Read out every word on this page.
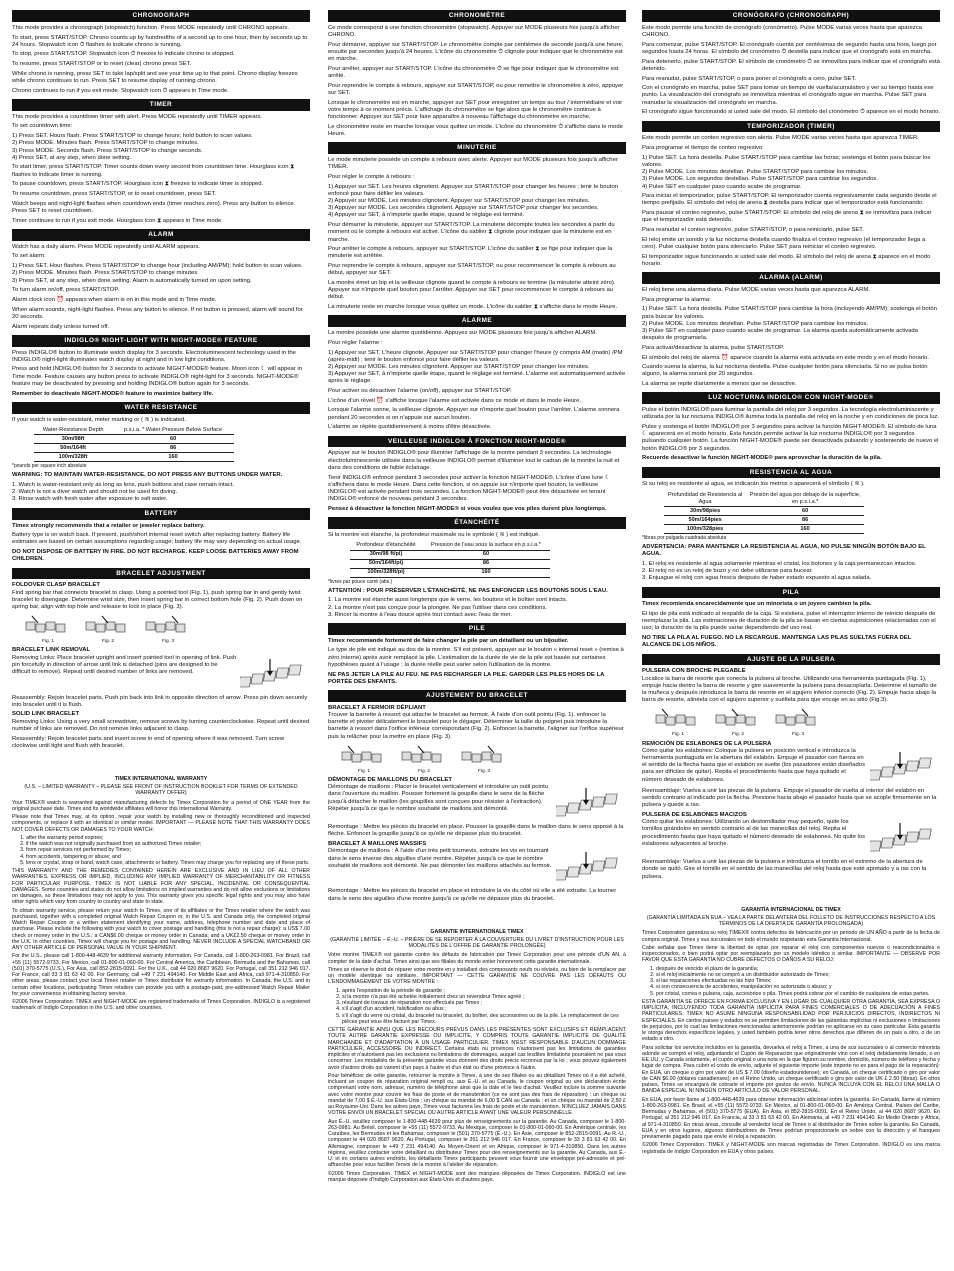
CHRONOGRAPH

This mode provides a chronograph (stopwatch) function. Press MODE repeatedly until CHRONO appears.

To start, press START/STOP. Chrono counts up by hundredths of a second up to one hour, then by seconds up to 24 hours. Stopwatch icon ⏱ flashes to indicate chrono is running.

To stop, press START/STOP. Stopwatch icon ⏱ freezes to indicate chrono is stopped.

To resume, press START/STOP or to reset (clear) chrono press SET.

While chrono is running, press SET to take lap/split and see your time up to that point. Chrono display freezes while chrono continues to run. Press SET to resume display of running chrono.

Chrono continues to run if you exit mode. Stopwatch icon ⏱ appears in Time mode.

TIMER

This mode provides a countdown timer with alert. Press MODE repeatedly until TIMER appears.

To set countdown time:

1) Press SET. Hours flash. Press START/STOP to change hours; hold button to scan values.
2) Press MODE. Minutes flash. Press START/STOP to change minutes.
3) Press MODE. Seconds flash. Press START/STOP to change seconds.
4) Press SET, at any step, when done setting.

To start timer, press START/STOP. Timer counts down every second from countdown time. Hourglass icon ⧗ flashes to indicate timer is running.

To pause countdown, press START/STOP. Hourglass icon ⧗ freezes to indicate timer is stopped.

To resume countdown, press START/STOP, or to reset countdown, press SET.

Watch beeps and night-light flashes when countdown ends (timer reaches zero). Press any button to silence. Press SET to reset countdown.

Timer continues to run if you exit mode. Hourglass icon ⧗ appears in Time mode.

ALARM

Watch has a daily alarm. Press MODE repeatedly until ALARM appears.

To set alarm:

1) Press SET. Hour flashes. Press START/STOP to change hour (including AM/PM); hold button to scan values.
2) Press MODE. Minutes flash. Press START/STOP to change minutes.
3) Press SET, at any step, when done setting. Alarm is automatically turned on upon setting.

To turn alarm on/off, press START/STOP.

Alarm clock icon ⏰ appears when alarm is on in this mode and in Time mode.

When alarm sounds, night-light flashes. Press any button to silence. If no button is pressed, alarm will sound for 20 seconds.

Alarm repeats daily unless turned off.

INDIGLO® NIGHT-LIGHT WITH NIGHT-MODE® FEATURE

Press INDIGLO® button to illuminate watch display for 3 seconds. Electroluminescent technology used in the INDIGLO® night-light illuminates watch display at night and in low light conditions.

Press and hold INDIGLO® button for 3 seconds to activate NIGHT-MODE® feature. Moon icon ☾ will appear in Time mode. Feature causes any button press to activate INDIGLO® night-light for 3 seconds. NIGHT-MODE® feature may be deactivated by pressing and holding INDIGLO® button again for 3 seconds.

Remember to deactivate NIGHT-MODE® feature to maximize battery life.

WATER RESISTANCE

If your watch is water-resistant, meter marking or ( ≋ ) is indicated.

Water-Resistance Depth	p.s.i.a. * Water Pressure Below Surface
30m/98ft	60
50m/164ft	86
100m/328ft	160

*pounds per square inch absolute

WARNING: TO MAINTAIN WATER-RESISTANCE, DO NOT PRESS ANY BUTTONS UNDER WATER.

1. Watch is water-resistant only as long as lens, push buttons and case remain intact.
2. Watch is not a diver watch and should not be used for diving.
3. Rinse watch with fresh water after exposure to salt water.

BATTERY

Timex strongly recommends that a retailer or jeweler replace battery.

Battery type is on watch back. If present, push/short internal reset switch after replacing battery. Battery life estimates are based on certain assumptions regarding usage; battery life may vary depending on actual usage.

DO NOT DISPOSE OF BATTERY IN FIRE. DO NOT RECHARGE. KEEP LOOSE BATTERIES AWAY FROM CHILDREN.

BRACELET ADJUSTMENT

FOLDOVER CLASP BRACELET

Find spring bar that connects bracelet to clasp. Using a pointed tool (Fig. 1), push spring bar in and gently twist bracelet to disengage. Determine wrist size, then insert spring bar in correct bottom hole (Fig. 2). Push down on spring bar, align with top hole and release to lock in place (Fig. 3).

Fig. 1	Fig. 2	Fig. 3

BRACELET LINK REMOVAL

Removing Links: Place bracelet upright and insert pointed tool in opening of link. Push pin forcefully in direction of arrow until link is detached (pins are designed to be difficult to remove). Repeat until desired number of links are removed.

Reassembly: Rejoin bracelet parts. Push pin back into link in opposite direction of arrow. Press pin down securely into bracelet until it is flush.

SOLID LINK BRACELET

Removing Links: Using a very small screwdriver, remove screws by turning counterclockwise. Repeat until desired number of links are removed. Do not remove links adjacent to clasp.

Reassembly: Rejoin bracelet parts and insert screw in end of opening where it was removed. Turn screw clockwise until tight and flush with bracelet.

TIMEX INTERNATIONAL WARRANTY

(U.S. – LIMITED WARRANTY – PLEASE SEE FRONT OF INSTRUCTION BOOKLET FOR TERMS OF EXTENDED WARRANTY OFFER)

Your TIMEX® watch is warranted against manufacturing defects by Timex Corporation for a period of ONE YEAR from the original purchase date. Timex and its worldwide affiliates will honor this International Warranty.

Please note that Timex may, at its option, repair your watch by installing new or thoroughly reconditioned and inspected components, or replace it with an identical or similar model. IMPORTANT — PLEASE NOTE THAT THIS WARRANTY DOES NOT COVER DEFECTS OR DAMAGES TO YOUR WATCH:

1. after the warranty period expires;
2. if the watch was not originally purchased from an authorized Timex retailer;
3. from repair services not performed by Timex;
4. from accidents, tampering or abuse; and
5. lens or crystal, strap or band, watch case, attachments or battery. Timex may charge you for replacing any of these parts.

THIS WARRANTY AND THE REMEDIES CONTAINED HEREIN ARE EXCLUSIVE AND IN LIEU OF ALL OTHER WARRANTIES, EXPRESS OR IMPLIED, INCLUDING ANY IMPLIED WARRANTY OF MERCHANTABILITY OR FITNESS FOR PARTICULAR PURPOSE. TIMEX IS NOT LIABLE FOR ANY SPECIAL, INCIDENTAL OR CONSEQUENTIAL DAMAGES. Some countries and states do not allow limitations on implied warranties and do not allow exclusions or limitations on damages, so these limitations may not apply to you. This warranty gives you specific legal rights and you may also have other rights which vary from country to country and state to state.

To obtain warranty service, please return your watch to Timex, one of its affiliates or the Timex retailer where the watch was purchased, together with a completed original Watch Repair Coupon or, in the U.S. and Canada only, the completed original Watch Repair Coupon or a written statement identifying your name, address, telephone number and date and place of purchase. Please include the following with your watch to cover postage and handling (this is not a repair charge): a US$ 7.00 check or money order in the U.S.; a CAN$6.00 cheque or money order in Canada; and a UK£2.50 cheque or money order in the U.K. In other countries, Timex will charge you for postage and handling. NEVER INCLUDE A SPECIAL WATCHBAND OR ANY OTHER ARTICLE OF PERSONAL VALUE IN YOUR SHIPMENT.

For the U.S., please call 1-800-448-4639 for additional warranty information. For Canada, call 1-800-263-0981. For Brazil, call +55 (11) 5572-9733. For Mexico, call 01-800-01-060-00. For Central America, the Caribbean, Bermuda and the Bahamas, call (501) 370-5775 (U.S.). For Asia, call 852-2815-0091. For the U.K., call 44 020 8687 9620. For Portugal, call 351 212 946 017. For France, call 33 3 81 63 42 00. For Germany, call +49 7 231 494140. For Middle East and Africa, call 971-4-310850. For other areas, please contact your local Timex retailer or Timex distributor for warranty information. In Canada, the U.S. and in certain other locations, participating Timex retailers can provide you with a postage-paid, pre-addressed Watch Repair Mailer for your convenience in obtaining factory service.

©2006 Timex Corporation. TIMEX and NIGHT-MODE are registered trademarks of Timex Corporation. INDIGLO is a registered trademark of Indiglo Corporation in the U.S. and other countries.

CHRONOMÈTRE

Ce mode correspond à une fonction chronomètre (stopwatch). Appuyer sur MODE plusieurs fois jusqu'à afficher CHRONO.

Pour démarrer, appuyer sur START/STOP. Le chronomètre compte par centièmes de seconde jusqu'à une heure, ensuite par secondes jusqu'à 24 heures. L'icône du chronomètre ⏱ clignote pour indiquer que le chronomètre est en marche.

Pour arrêter, appuyer sur START/STOP. L'icône du chronomètre ⏱ se fige pour indiquer que le chronomètre est arrêté.

Pour reprendre le compte à rebours, appuyer sur START/STOP, ou pour remettre le chronomètre à zéro, appuyer sur SET.

Lorsque le chronomètre est en marche, appuyer sur SET pour enregistrer un temps au tour / intermédiaire et voir votre temps à ce moment précis. L'affichage du chronomètre se fige alors que le chronomètre continue à fonctionner. Appuyer sur SET pour faire apparaître à nouveau l'affichage du chronomètre en marche.

Le chronomètre reste en marche lorsque vous quittez un mode. L'icône du chronomètre ⏱ s'affiche dans le mode Heure.

MINUTERIE

Le mode minuterie possède un compte à rebours avec alerte. Appuyer sur MODE plusieurs fois jusqu'à afficher TIMER.

Pour régler le compte à rebours :

1) Appuyer sur SET. Les heures clignotent. Appuyer sur START/STOP pour changer les heures ; tenir le bouton enfoncé pour faire défiler les valeurs.
2) Appuyer sur MODE. Les minutes clignotent. Appuyer sur START/STOP pour changer les minutes.
3) Appuyer sur MODE. Les secondes clignotent. Appuyer sur START/STOP pour changer les secondes.
4) Appuyer sur SET, à n'importe quelle étape, quand le réglage est terminé.

Pour démarrer la minuterie, appuyer sur START/STOP. La minuterie décompte toutes les secondes à partir du moment où le compte à rebours est activé. L'icône du sablier ⧗ clignote pour indiquer que la minuterie est en marche.

Pour arrêter le compte à rebours, appuyer sur START/STOP. L'icône du sablier ⧗ se fige pour indiquer que la minuterie est arrêtée.

Pour reprendre le compte à rebours, appuyer sur START/STOP, ou pour recommencer le compte à rebours au début, appuyer sur SET.

La montre émet un bip et la veilleuse clignote quand le compte à rebours se termine (la minuterie atteint zéro). Appuyer sur n'importe quel bouton pour l'arrêter. Appuyer sur SET pour recommencer le compte à rebours au début.

La minuterie reste en marche lorsque vous quittez un mode. L'icône du sablier ⧗ s'affiche dans le mode Heure.

ALARME

La montre possède une alarme quotidienne. Appuyez sur MODE plusieurs fois jusqu'à afficher ALARM.

Pour régler l'alarme :

1) Appuyer sur SET. L'heure clignote. Appuyer sur START/STOP pour changer l'heure (y compris AM (matin) /PM (après-midi) ; tenir le bouton enfoncé pour faire défiler les valeurs.
2) Appuyer sur MODE. Les minutes clignotent. Appuyer sur START/STOP pour changer les minutes.
3) Appuyer sur SET, à n'importe quelle étape, quand le réglage est terminé. L'alarme est automatiquement activée après le réglage.

Pour activer ou désactiver l'alarme (on/off), appuyer sur START/STOP.

L'icône d'un réveil ⏰ s'affiche lorsque l'alarme est activée dans ce mode et dans le mode Heure.

Lorsque l'alarme sonne, la veilleuse clignote. Appuyer sur n'importe quel bouton pour l'arrêter. L'alarme sonnera pendant 20 secondes si on n'appuie sur aucun bouton.

L'alarme se répète quotidiennement à moins d'être désactivée.

VEILLEUSE INDIGLO® À FONCTION NIGHT-MODE®

Appuyer sur le bouton INDIGLO® pour illuminer l'affichage de la montre pendant 3 secondes. La technologie électroluminescente utilisée dans la veilleuse INDIGLO® permet d'illuminer tout le cadran de la montre la nuit et dans des conditions de faible éclairage.

Tenir INDIGLO® enfoncé pendant 3 secondes pour activer la fonction NIGHT-MODE®. L'icône d'une lune ☾ s'affichera dans le mode Heure. Dans cette fonction, si on appuie sur n'importe quel bouton, la veilleuse INDIGLO® est activée pendant trois secondes. La fonction NIGHT-MODE® peut être désactivée en tenant INDIGLO® enfoncé de nouveau pendant 3 secondes.

Pensez à désactiver la fonction NIGHT-MODE® si vous voulez que vos piles durent plus longtemps.

ÉTANCHÉITÉ

Si la montre est étanche, la profondeur maximale ou le symbole ( ≋ ) est indiqué.

Profondeur d'étanchéité	Pression de l'eau sous la surface en p.s.i.a.*
30m/98 ft/pi)	60
50m/164ft/pi)	86
100m/328ft/pi)	160

*livres par pouce carré (abs.)

ATTENTION : POUR PRÉSERVER L'ÉTANCHÉITÉ, NE PAS ENFONCER LES BOUTONS SOUS L'EAU.

1. La montre est étanche aussi longtemps que le verre, les boutons et le boîtier sont intacts.
2. La montre n'est pas conçue pour la plongée. Ne pas l'utiliser dans ces conditions.
3. Rincer la montre à l'eau douce après tout contact avec l'eau de mer.

PILE

Timex recommande fortement de faire changer la pile par un détaillant ou un bijoutier.

Le type de pile est indiqué au dos de la montre. S'il est présent, appuyer sur le bouton « internal reset » (remise à zéro interne) après avoir remplacé la pile. L'estimation de la durée de vie de la pile est basée sur certaines hypothèses quant à l'usage ; la durée réelle peut varier selon l'utilisation de la montre.

NE PAS JETER LA PILE AU FEU. NE PAS RECHARGER LA PILE. GARDER LES PILES HORS DE LA PORTÉE DES ENFANTS.

AJUSTEMENT DU BRACELET

BRACELET À FERMOIR DÉPLIANT

Trouver la barrette à ressort qui attache le bracelet au fermoir. À l'aide d'un outil pointu (Fig. 1), enfoncer la barrette et pivoter délicatement le bracelet pour le dégager. Déterminer la taille du poignet puis introduire la barrette à ressort dans l'orifice inférieur correspondant (Fig. 2). Enfoncer la barrette, l'aligner sur l'orifice supérieur puis la relâcher pour la mettre en place (Fig. 3).

Fig. 1	Fig. 2	Fig. 3

DÉMONTAGE DE MAILLONS DU BRACELET

Démontage de maillons : Placer le bracelet verticalement et introduire un outil pointu dans l'ouverture du maillon. Pousser fortement la goupille dans le sens de la flèche jusqu'à détacher le maillon (les goupilles sont conçues pour résister à l'extraction). Répéter jusqu'à ce que le nombre souhaité de maillons soit démonté.

Remontage : Mettre les pièces du bracelet en place. Pousser la goupille dans le maillon dans le sens opposé à la flèche. Enfoncer la goupille jusqu'à ce qu'elle ne dépasse plus du bracelet.

BRACELET À MAILLONS MASSIFS

Démontage de maillons : À l'aide d'un très petit tournevis, extraire les vis en tournant dans le sens inverse des aiguilles d'une montre. Répéter jusqu'à ce que le nombre souhaité de maillons soit démonté. Ne pas démonter les maillons attachés au fermoir.

Remontage : Mettre les pièces du bracelet en place et introduire la vis du côté où elle a été extraite. La tourner dans le sens des aiguilles d'une montre jusqu'à ce qu'elle ne dépasse plus du bracelet.

GARANTIE INTERNATIONALE TIMEX

(GARANTIE LIMITÉE – É.-U. – PRIÈRE DE SE REPORTER À LA COUVERTURE DU LIVRET D'INSTRUCTION POUR LES MODALITÉS DE L'OFFRE DE GARANTIE PROLONGÉE)

Votre montre TIMEX® est garantie contre les défauts de fabrication par Timex Corporation pour une période d'UN AN, à compter de la date d'achat. Timex ainsi que ses filiales du monde entier honoreront cette garantie internationale.

Timex se réserve le droit de réparer votre montre en y installant des composants neufs ou révisés, ou bien de la remplacer par un modèle identique ou similaire. IMPORTANT — CETTE GARANTIE NE COUVRE PAS LES DÉFAUTS OU L'ENDOMMAGEMENT DE VOTRE MONTRE :

1. après l'expiration de la période de garantie ;
2. si la montre n'a pas été achetée initialement chez un revendeur Timex agréé ;
3. résultant de travaux de réparation non effectués par Timex ;
4. s'il s'agit d'un accident, falsification ou abus ;
5. s'il s'agit du verre ou cristal, du bracelet ou bracelet, du boîtier, des accessoires ou de la pile. Le remplacement de ces pièces peut vous être facturé par Timex.

CETTE GARANTIE AINSI QUE LES RECOURS PRÉVUS DANS LES PRÉSENTES SONT EXCLUSIFS ET REMPLACENT TOUTE AUTRE GARANTIE EXPRESSE OU IMPLICITE, Y COMPRIS TOUTE GARANTIE IMPLICITE DE QUALITÉ MARCHANDE ET D'ADAPTATION À UN USAGE PARTICULIER. TIMEX N'EST RESPONSABLE D'AUCUN DOMMAGE PARTICULIER, ACCESSOIRE OU INDIRECT. Certains états ou provinces n'autorisent pas les limitations de garanties implicites et n'autorisent pas les exclusions ou limitations de dommages, auquel cas lesdites limitations pourraient ne pas vous concerner. Les modalités de la présente garantie vous donnent des droits précis reconnus par la loi ; vous pouvez également avoir d'autres droits qui varient d'un pays à l'autre et d'un état ou d'une province à l'autre.

Pour bénéficier de cette garantie, retourner la montre à Timex, à une de ses filiales ou au détaillant Timex où il a été acheté, incluant un coupon de réparation original rempli ou, aux É.-U. et au Canada, le coupon original ou une déclaration écrite comprenant votre nom, adresse, numéro de téléphone ainsi que la date et le lieu d'achat. Veuillez inclure la somme suivante avec votre montre pour couvrir les frais de poste et de manutention (ce ne sont pas des frais de réparation) : un chèque ou mandat de 7,00 $ É.-U. aux États-Unis ; un chèque ou mandat de 6,00 $ CAN au Canada ; et un chèque ou mandat de 2,50 £ au Royaume-Uni. Dans les autres pays, Timex vous facturera les frais de poste et de manutention. N'INCLUEZ JAMAIS DANS VOTRE ENVOI UN BRACELET SPÉCIAL OU AUTRE ARTICLE AYANT UNE VALEUR PERSONNELLE.

Aux É.-U. veuillez composer le 1-800-448-4639 pour plus de renseignements sur la garantie. Au Canada, composer le 1-800-263-0981. Au Brésil, composer le +55 (11) 5572-9733. Au Mexique, composer le 01-800-01-060-00. En Amérique centrale, les Caraïbes, les Bermudes et les Bahamas, composer le (501) 370-5775 (É.-U.). En Asie, composer le 852-2815-0091. Au R.-U., composer le 44 020 8687 9620. Au Portugal, composer le 351 212 946 017. En France, composer le 33 3 81 63 42 00. En Allemagne, composer le +49 7 231 494140. Au Moyen-Orient et en Afrique, composer le 971-4-310850. Dans les autres régions, veuillez contacter votre détaillant ou distributeur Timex pour des renseignements sur la garantie. Au Canada, aux É.-U. et en certains autres endroits, les détaillants Timex participants peuvent vous fournir une enveloppe pré-adressée et pré-affranchie pour vous faciliter l'envoi de la montre à l'atelier de réparation.

©2006 Timex Corporation. TIMEX et NIGHT-MODE sont des marques déposées de Timex Corporation. INDIGLO est une marque déposée d'Indiglo Corporation aux États-Unis et d'autres pays.

CRONÓGRAFO (CHRONOGRAPH)

Este modo permite una función de cronógrafo (cronómetro). Pulse MODE varias veces hasta que aparezca CHRONO.

Para comenzar, pulse START/STOP. El cronógrafo cuenta por centésimas de segundo hasta una hora, luego por segundos hasta 24 horas. El símbolo del cronómetro ⏱ destella para indicar que el cronógrafo está en marcha.

Para detenerlo, pulse START/STOP. El símbolo de cronómetro ⏱ se inmoviliza para indicar que el cronógrafo está detenido.

Para reanudar, pulse START/STOP, o para poner el cronógrafo a cero, pulse SET.

Con el cronógrafo en marcha, pulse SET para tomar un tiempo de vuelta/acumulativo y ver su tiempo hasta ese punto. La visualización del cronógrafo se inmoviliza mientras el cronógrafo sigue en marcha. Pulse SET para reanudar la visualización del cronógrafo en marcha.

El cronógrafo sigue funcionando si usted sale del modo. El símbolo del cronómetro ⏱ aparece en el modo horario.

TEMPORIZADOR (TIMER)

Este modo permite un conteo regresivo con alerta. Pulse MODE varias veces hasta que aparezca TIMER.

Para programar el tiempo de conteo regresivo:

1) Pulse SET. La hora destella. Pulse START/STOP para cambiar las horas; sostenga el botón para buscar los valores.
2) Pulse MODE. Los minutos destellan. Pulse START/STOP para cambiar los minutos.
3) Pulse MODE. Los segundos destellan. Pulse START/STOP para cambiar los segundos.
4) Pulse SET en cualquier paso cuando acabe de programar.

Para iniciar el temporizador, pulse START/STOP. El temporizador cuenta regresivamente cada segundo desde el tiempo prefijado. El símbolo del reloj de arena ⧗ destella para indicar que el temporizador está funcionando.

Para pausar el conteo regresivo, pulse START/STOP. El símbolo del reloj de arena ⧗ se inmoviliza para indicar que el temporizador está detenido.

Para reanudar el conteo regresivo, pulse START/STOP, o para reiniciarlo, pulse SET.

El reloj emite un sonido y la luz nocturna destella cuando finaliza el conteo regresivo (el temporizador llega a cero). Pulse cualquier botón para silenciarlo. Pulse SET para reiniciar el conteo regresivo.

El temporizador sigue funcionando si usted sale del modo. El símbolo del reloj de arena ⧗ aparece en el modo horario.

ALARMA (ALARM)

El reloj tiene una alarma diaria. Pulse MODE varias veces hasta que aparezca ALARM.

Para programar la alarma:

1) Pulse SET. La hora destella. Pulse START/STOP para cambiar la hora (incluyendo AM/PM); sostenga el botón para buscar los valores.
2) Pulse MODE. Los minutos destellan. Pulse START/STOP para cambiar los minutos.
3) Pulse SET en cualquier paso cuando acabe de programar. La alarma queda automáticamente activada después de programarla.

Para activar/desactivar la alarma, pulse START/STOP.

El símbolo del reloj de alarma ⏰ aparece cuando la alarma está activada en este modo y en el modo horario.

Cuando suena la alarma, la luz nocturna destella. Pulse cualquier botón para silenciarla. Si no se pulsa botón alguno, la alarma sonará por 20 segundos.

La alarma se repite diariamente a menos que se desactive.

LUZ NOCTURNA INDIGLO® CON NIGHT-MODE®

Pulse el botón INDIGLO® para iluminar la pantalla del reloj por 3 segundos. La tecnología electroluminiscente y utilizada por la luz nocturna INDIGLO® ilumina toda la pantalla del reloj en la noche y en condiciones de poca luz.

Pulse y sostenga el botón INDIGLO® por 3 segundos para activar la función NIGHT-MODE®. El símbolo de luna ☾ aparecerá en el modo horario. Esta función permite activar la luz nocturna INDIGLO® por 3 segundos pulsando cualquier botón. La función NIGHT-MODE® puede ser desactivada pulsando y sosteniendo de nuevo el botón INDIGLO® por 3 segundos.

Recuerde desactivar la función NIGHT-MODE® para aprovechar la duración de la pila.

RESISTENCIA AL AGUA

Si su reloj es resistente al agua, se indicarán los metros o aparecerá el símbolo ( ≋ ).

Profundidad de Resistencia al Agua	Presión del agua por debajo de la superficie, en p.s.i.a.*
30m/98pies	60
50m/164pies	86
100m/328pies	160

*libras por pulgada cuadrada absoluta

ADVERTENCIA: PARA MANTENER LA RESISTENCIA AL AGUA, NO PULSE NINGÚN BOTÓN BAJO EL AGUA.

1. El reloj es resistente al agua solamente mientras el cristal, los botones y la caja permanezcan intactos.
2. El reloj no es un reloj de buzo y no debe utilizarse para bucear.
3. Enjuague el reloj con agua fresca después de haber estado expuesto al agua salada.

PILA

Timex recomienda encarecidamente que un minorista o un joyero cambien la pila.

El tipo de pila está indicado al respaldo de la caja. Si existiera, pulse el interruptor interno de reinicio después de reemplazar la pila. Las estimaciones de duración de la pila se basan en ciertas suposiciones relacionadas con el uso; la duración de la pila puede variar dependiendo del uso real.

NO TIRE LA PILA AL FUEGO. NO LA RECARGUE. MANTENGA LAS PILAS SUELTAS FUERA DEL ALCANCE DE LOS NIÑOS.

AJUSTE DE LA PULSERA

PULSERA CON BROCHE PLEGABLE

Localice la barra de resorte que conecta la pulsera al broche. Utilizando una herramienta puntiaguda (Fig. 1), empuje hacia dentro la barra de resorte y gire suavemente la pulsera para desacoplarla. Determine el tamaño de la muñeca y después introduzca la barra de resorte en el agujero inferior correcto (Fig. 2). Empuje hacia abajo la barra de resorte, alinéela con el agujero superior y suéltela para que encaje en su sitio (Fig.3).

Fig. 1	Fig. 2	Fig. 3

REMOCIÓN DE ESLABONES DE LA PULSERA

Cómo quitar los eslabones: Coloque la pulsera en posición vertical e introduzca la herramienta puntiaguda en la abertura del eslabón. Empuje el pasador con fuerza en el sentido de la flecha hasta que el eslabón se suelte (los pasadores están diseñados para ser difíciles de quitar). Repita el procedimiento hasta que haya quitado el número deseado de eslabones.

Reensamblaje: Vuelva a unir las piezas de la pulsera. Empuje el pasador de vuelta al interior del eslabón en sentido contrario al indicado por la flecha. Presione hacia abajo el pasador hasta que se acople firmemente en la pulsera y quede a ras.

PULSERA DE ESLABONES MACIZOS

Cómo quitar los eslabones: Utilizando un destornillador muy pequeño, quite los tornillos girándolos en sentido contrario al de las manecillas del reloj. Repita el procedimiento hasta que haya quitado el número deseado de eslabones. No quite los eslabones adyacentes al broche.

Reensamblaje: Vuelva a unir las piezas de la pulsera e introduzca el tornillo en el extremo de la abertura de donde se quitó. Gire el tornillo en el sentido de las manecillas del reloj hasta que esté apretado y a ras con la pulsera.

GARANTÍA INTERNACIONAL DE TIMEX

(GARANTÍA LIMITADA EN EUA – VEA LA PARTE DELANTERA DEL FOLLETO DE INSTRUCCIONES RESPECTO A LOS TÉRMINOS DE LA OFERTA DE GARANTÍA PROLONGADA)

Timex Corporation garantiza su reloj TIMEX® contra defectos de fabricación por un periodo de UN AÑO a partir de la fecha de compra original. Timex y sus sucursales en todo el mundo respetarán esta Garantía Internacional.

Cabe señalar que Timex tiene la libertad de optar por reparar el reloj con componentes nuevos o reacondicionados e inspeccionados, o bien podrá optar por reemplazarlo por un modelo idéntico o similar. IMPORTANTE — OBSERVE POR FAVOR QUE ESTA GARANTÍA NO CUBRE DEFECTOS O DAÑOS A SU RELOJ:

1. después de vencido el plazo de la garantía;
2. si el reloj inicialmente no se compró a un distribuidor autorizado de Timex;
3. si las reparaciones efectuadas no las hizo Timex;
4. si son consecuencia de accidentes, manipulación no autorizada o abuso; y
5. por cristal, correa o pulsera, caja, accesorios o pila. Timex podrá cobrar por el cambio de cualquiera de estas partes.

ESTA GARANTÍA SE OFRECE EN FORMA EXCLUSIVA Y EN LUGAR DE CUALQUIER OTRA GARANTÍA, SEA EXPRESA O IMPLÍCITA, INCLUYENDO TODA GARANTÍA IMPLÍCITA PARA FINES COMERCIALES O DE ADECUACIÓN A FINES PARTICULARES. TIMEX NO ASUME NINGUNA RESPONSABILIDAD POR PERJUICIOS DIRECTOS, INDIRECTOS NI ESPECIALES. En ciertos países y estados no se permiten limitaciones de las garantías implícitas ni exclusiones o limitaciones de perjuicios, por lo cual las limitaciones mencionadas anteriormente podrían no aplicarse en su caso particular. Esta garantía le otorga derechos específicos legales, y usted también podría tener otros derechos que difieren de un país a otro, o de un estado a otro.

Para solicitar los servicios incluidos en la garantía, devuelva el reloj a Timex, a una de sus sucursales o al comercio minorista adonde se compró el reloj, adjuntando el Cupón de Reparación que originalmente vino con el reloj debidamente llenado, o en EE.UU. y Canada solamente, el cupón original o una nota en la que figuren su nombre, domicilio, número de teléfono y fecha y lugar de compra. Para cubrir el costo de envío, adjunte el siguiente importe (este importe no es para el pago de la reparación): En EUA, un cheque o giro por valor de US $ 7.00 (diseño estadounidense); en Canadá, un cheque certificado o giro por valor de CAN $6.00 (dólares canadienses); en el Reino Unido, un cheque certificado o giro por valor de UK £ 2.50 (libras). En otros países, Timex se encargará de cobrarle el importe por gastos de envío. NUNCA INCLUYA CON EL RELOJ UNA MALLA O BANDA ESPECIAL NI NINGÚN OTRO ARTÍCULO DE VALOR PERSONAL.

En EUA, por favor llame al 1-800-448-4639 para obtener información adicional sobre la garantía. En Canadá, llame al número 1-800-263-0981. En Brasil, el +55 (11) 5572-9733. En México, al 01-800-01-060-00. En América Central, Países del Caribe, Bermudas y Bahamas, el (501) 370-5775 (EUA). En Asia, el 852-2815-0091. En el Reino Unido, al 44 020 8687 9620. En Portugal, al 351 212 946 017. En Francia, al 33 3 81 63 42 00. En Alemania, al +49 7 231 494140. En Medio Oriente y África, al 971-4-310850. En otras áreas, consulte al vendedor local de Timex o al distribuidor de Timex sobre la garantía. En Canadá, EUA y en otros lugares, algunos distribuidores de Timex podrían proporcionarle un sobre con la dirección y el franqueo previamente pagado para que envíe el reloj a reparación.

©2006 Timex Corporation. TIMEX y NIGHT-MODE son marcas registradas de Timex Corporation. INDIGLO es una marca registrada de Indiglo Corporation en EUA y otros países.
